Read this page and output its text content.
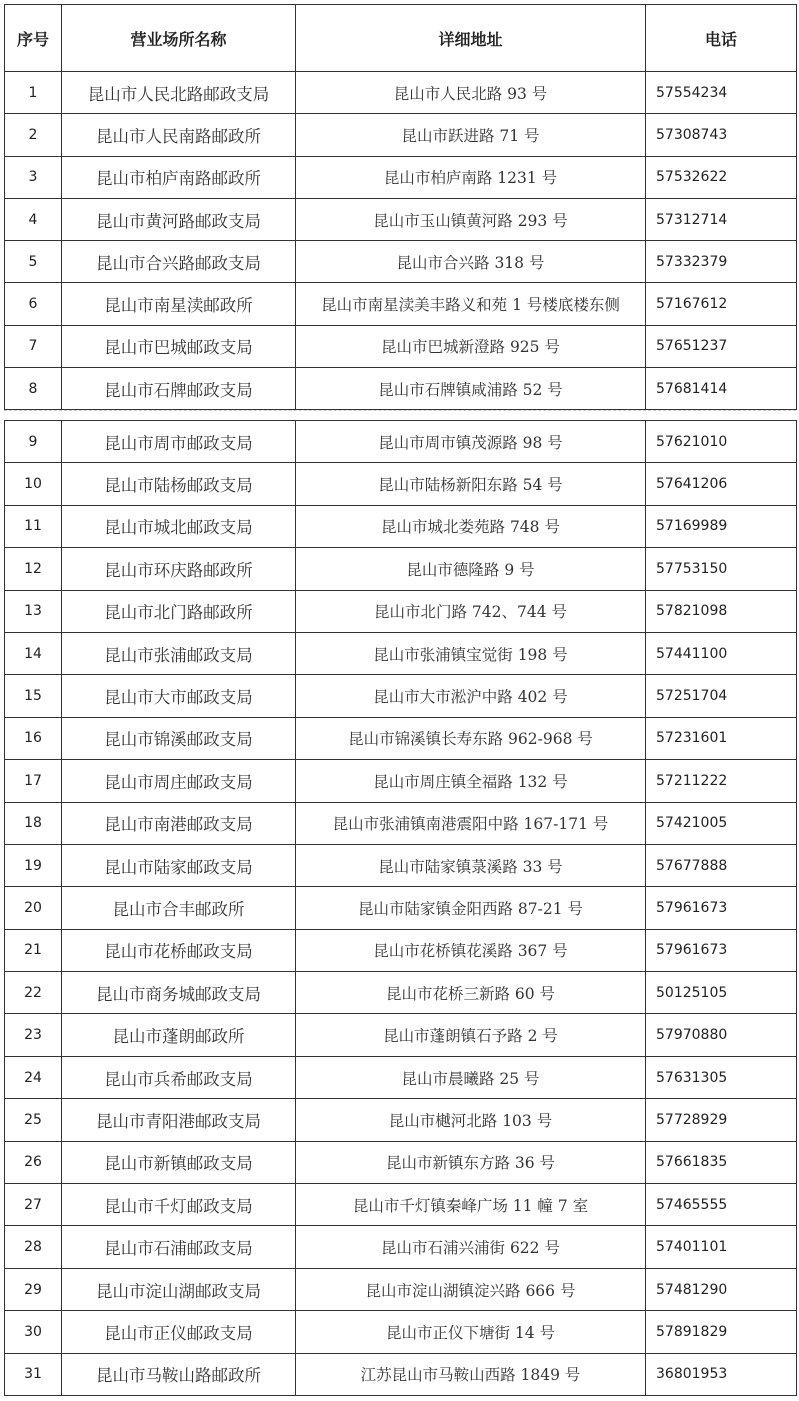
序号	营业场所名称	详细地址	电话
1	昆山市人民北路邮政支局	昆山市人民北路 93 号	57554234
2	昆山市人民南路邮政所	昆山市跃进路 71 号	57308743
3	昆山市柏庐南路邮政所	昆山市柏庐南路 1231 号	57532622
4	昆山市黄河路邮政支局	昆山市玉山镇黄河路 293 号	57312714
5	昆山市合兴路邮政支局	昆山市合兴路 318 号	57332379
6	昆山市南星渎邮政所	昆山市南星渎美丰路义和苑 1 号楼底楼东侧	57167612
7	昆山市巴城邮政支局	昆山市巴城新澄路 925 号	57651237
8	昆山市石牌邮政支局	昆山市石牌镇咸浦路 52 号	57681414
9	昆山市周市邮政支局	昆山市周市镇茂源路 98 号	57621010
10	昆山市陆杨邮政支局	昆山市陆杨新阳东路 54 号	57641206
11	昆山市城北邮政支局	昆山市城北娄苑路 748 号	57169989
12	昆山市环庆路邮政所	昆山市德隆路 9 号	57753150
13	昆山市北门路邮政所	昆山市北门路 742、744 号	57821098
14	昆山市张浦邮政支局	昆山市张浦镇宝觉街 198 号	57441100
15	昆山市大市邮政支局	昆山市大市淞沪中路 402 号	57251704
16	昆山市锦溪邮政支局	昆山市锦溪镇长寿东路 962-968 号	57231601
17	昆山市周庄邮政支局	昆山市周庄镇全福路 132 号	57211222
18	昆山市南港邮政支局	昆山市张浦镇南港震阳中路 167-171 号	57421005
19	昆山市陆家邮政支局	昆山市陆家镇菉溪路 33 号	57677888
20	昆山市合丰邮政所	昆山市陆家镇金阳西路 87-21 号	57961673
21	昆山市花桥邮政支局	昆山市花桥镇花溪路 367 号	57961673
22	昆山市商务城邮政支局	昆山市花桥三新路 60 号	50125105
23	昆山市蓬朗邮政所	昆山市蓬朗镇石予路 2 号	57970880
24	昆山市兵希邮政支局	昆山市晨曦路 25 号	57631305
25	昆山市青阳港邮政支局	昆山市樾河北路 103 号	57728929
26	昆山市新镇邮政支局	昆山市新镇东方路 36 号	57661835
27	昆山市千灯邮政支局	昆山市千灯镇秦峰广场 11 幢 7 室	57465555
28	昆山市石浦邮政支局	昆山市石浦兴浦街 622 号	57401101
29	昆山市淀山湖邮政支局	昆山市淀山湖镇淀兴路 666 号	57481290
30	昆山市正仪邮政支局	昆山市正仪下塘街 14 号	57891829
31	昆山市马鞍山路邮政所	江苏昆山市马鞍山西路 1849 号	36801953
